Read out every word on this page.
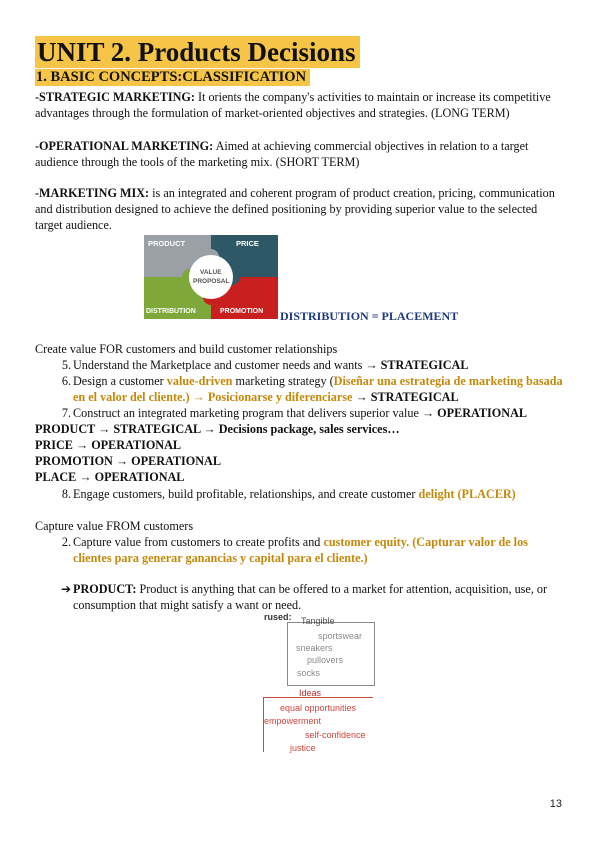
UNIT 2. Products Decisions
1. BASIC CONCEPTS:CLASSIFICATION
-STRATEGIC MARKETING: It orients the company's activities to maintain or increase its competitive advantages through the formulation of market-oriented objectives and strategies. (LONG TERM)
-OPERATIONAL MARKETING: Aimed at achieving commercial objectives in relation to a target audience through the tools of the marketing mix. (SHORT TERM)
-MARKETING MIX: is an integrated and coherent program of product creation, pricing, communication and distribution designed to achieve the defined positioning by providing superior value to the selected target audience.
PRODUCT	PRICE
VALUE
PROPOSAL
DISTRIBUTION	PROMOTION DISTRIBUTION = PLACEMENT
Create value FOR customers and build customer relationships
5. Understand the Marketplace and customer needs and wants → STRATEGICAL
6. Design a customer value-driven marketing strategy (Diseñar una estrategia de marketing basada en el valor del cliente.) → Posicionarse y diferenciarse → STRATEGICAL
7. Construct an integrated marketing program that delivers superior value → OPERATIONAL
PRODUCT → STRATEGICAL → Decisions package, sales services…
PRICE → OPERATIONAL
PROMOTION → OPERATIONAL
PLACE → OPERATIONAL
8. Engage customers, build profitable, relationships, and create customer delight (PLACER)
Capture value FROM customers
2. Capture value from customers to create profits and customer equity. (Capturar valor de los clientes para generar ganancias y capital para el cliente.)
➔ PRODUCT: Product is anything that can be offered to a market for attention, acquisition, use, or consumption that might satisfy a want or need.
rused: Tangible
sportswear
sneakers
pullovers
socks
Ideas
equal opportunities
empowerment
self-confidence
justice
13
